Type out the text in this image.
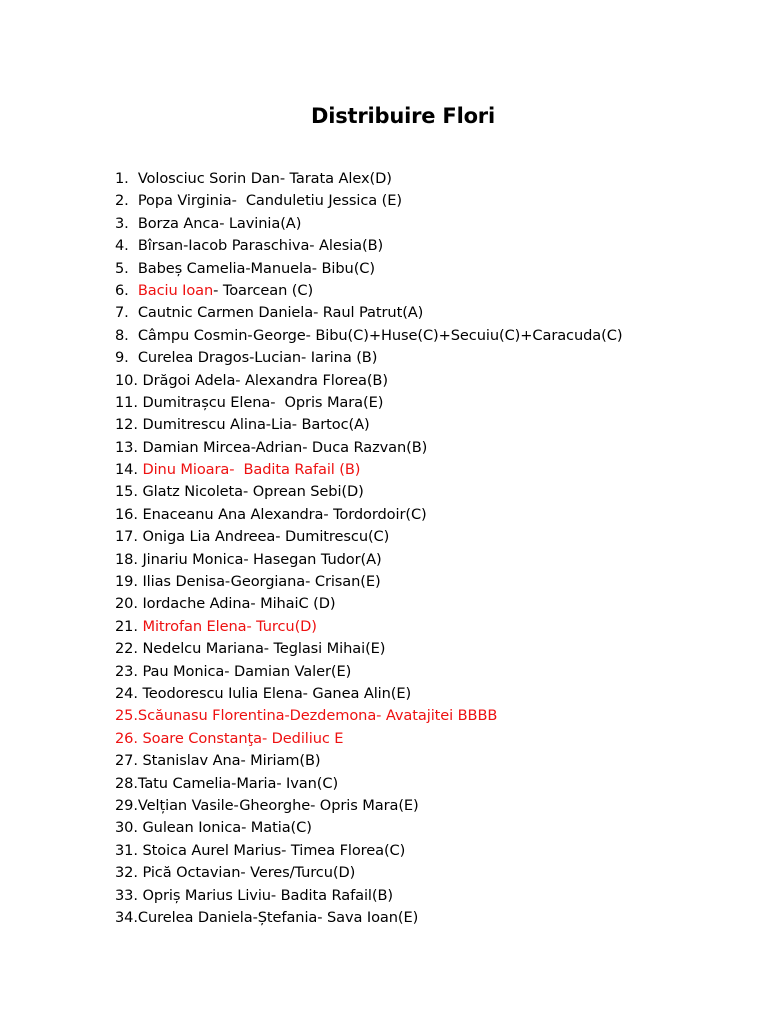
Distribuire Flori
1. Volosciuc Sorin Dan- Tarata Alex(D)
2. Popa Virginia-  Canduletiu Jessica (E)
3. Borza Anca- Lavinia(A)
4. Bîrsan-Iacob Paraschiva- Alesia(B)
5. Babeș Camelia-Manuela- Bibu(C)
6. Baciu Ioan- Toarcean (C)
7. Cautnic Carmen Daniela- Raul Patrut(A)
8. Câmpu Cosmin-George- Bibu(C)+Huse(C)+Secuiu(C)+Caracuda(C)
9. Curelea Dragos-Lucian- Iarina (B)
10. Drăgoi Adela- Alexandra Florea(B)
11. Dumitrașcu Elena-  Opris Mara(E)
12. Dumitrescu Alina-Lia- Bartoc(A)
13. Damian Mircea-Adrian- Duca Razvan(B)
14. Dinu Mioara-  Badita Rafail (B)
15. Glatz Nicoleta- Oprean Sebi(D)
16. Enaceanu Ana Alexandra- Tordordoir(C)
17. Oniga Lia Andreea- Dumitrescu(C)
18. Jinariu Monica- Hasegan Tudor(A)
19. Ilias Denisa-Georgiana- Crisan(E)
20. Iordache Adina- MihaiC (D)
21. Mitrofan Elena- Turcu(D)
22. Nedelcu Mariana- Teglasi Mihai(E)
23. Pau Monica- Damian Valer(E)
24. Teodorescu Iulia Elena- Ganea Alin(E)
25.Scăunasu Florentina-Dezdemona- Avatajitei BBBB
26. Soare Constanţa- Dediliuc E
27. Stanislav Ana- Miriam(B)
28.Tatu Camelia-Maria- Ivan(C)
29.Velțian Vasile-Gheorghe- Opris Mara(E)
30. Gulean Ionica- Matia(C)
31. Stoica Aurel Marius- Timea Florea(C)
32. Pică Octavian- Veres/Turcu(D)
33. Opriș Marius Liviu- Badita Rafail(B)
34.Curelea Daniela-Ștefania- Sava Ioan(E)
